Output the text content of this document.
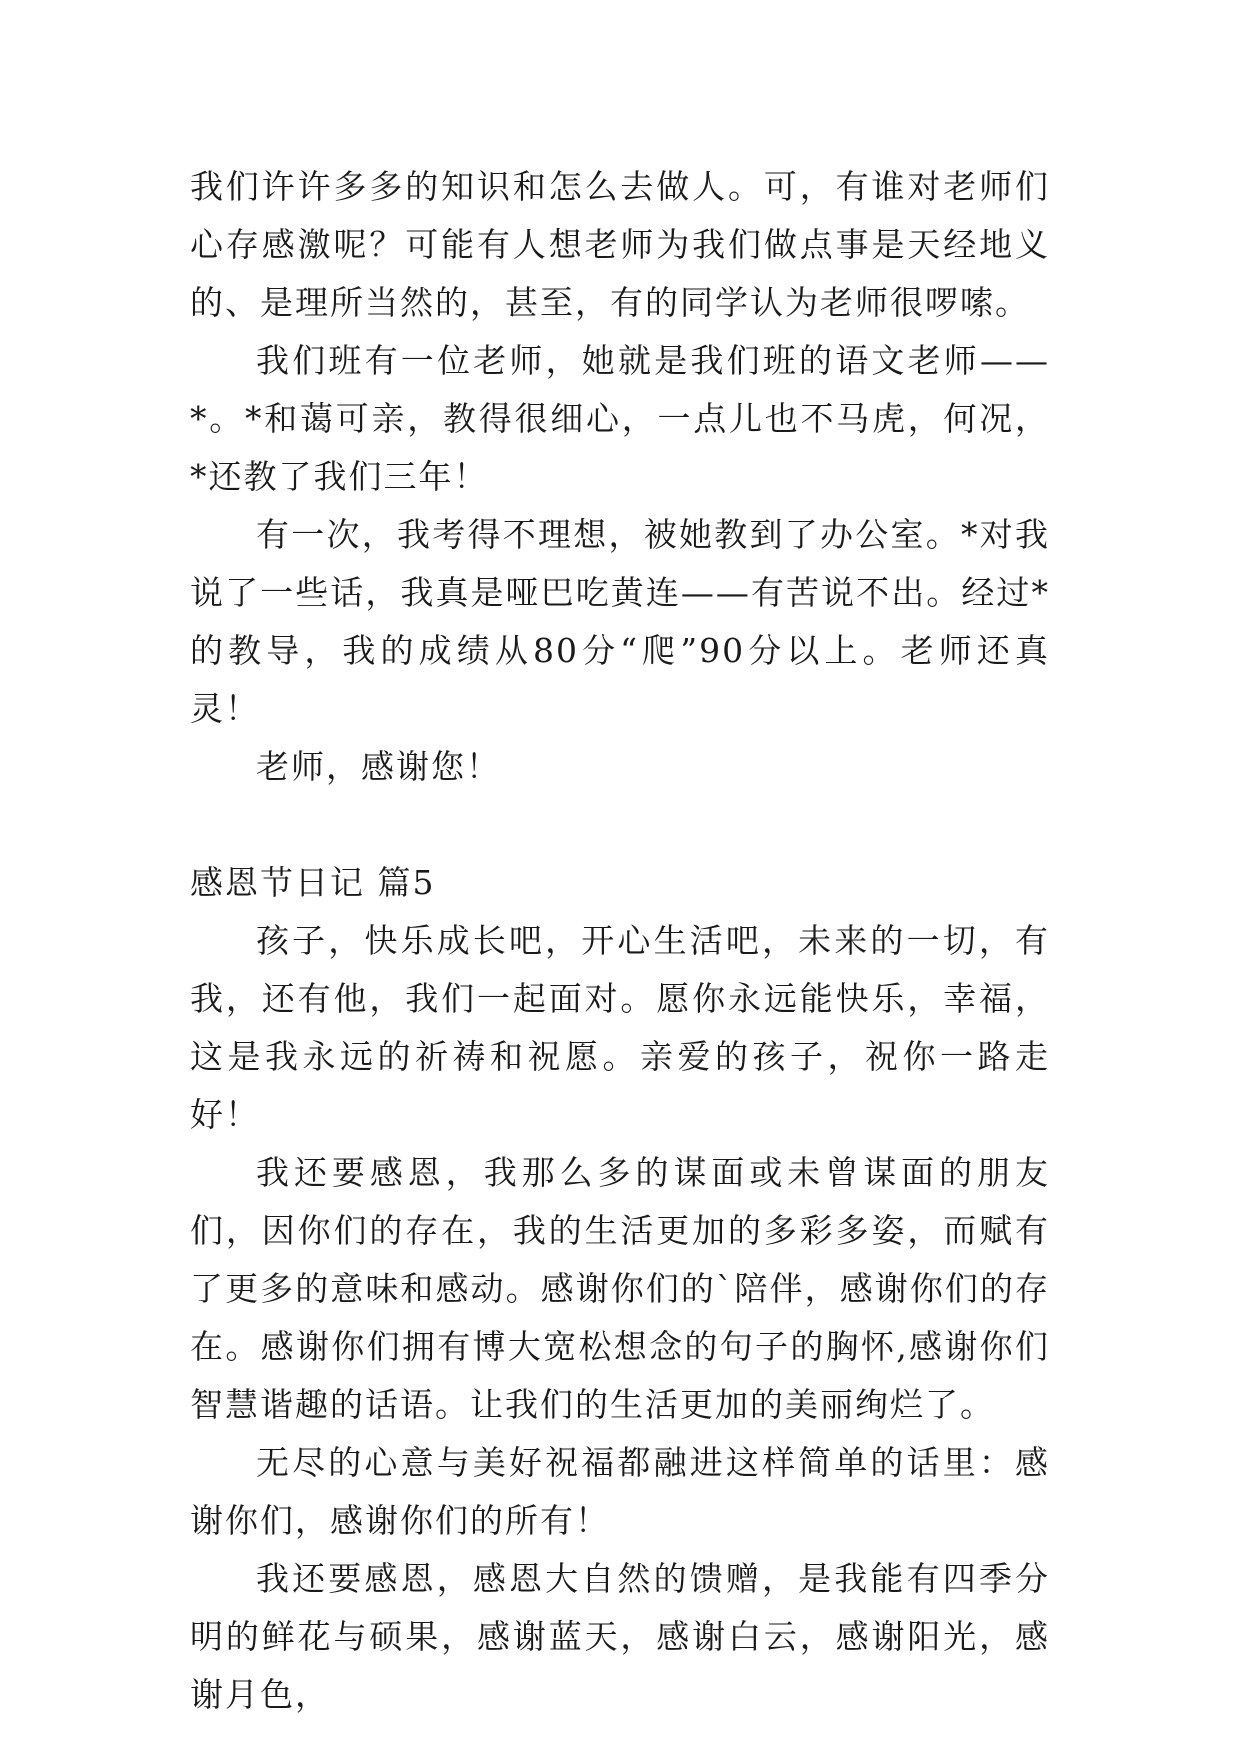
我们许许多多的知识和怎么去做人。可，有谁对老师们心存感激呢？可能有人想老师为我们做点事是天经地义的、是理所当然的，甚至，有的同学认为老师很啰嗦。

我们班有一位老师，她就是我们班的语文老师——*。*和蔼可亲，教得很细心，一点儿也不马虎，何况，*还教了我们三年！

有一次，我考得不理想，被她教到了办公室。*对我说了一些话，我真是哑巴吃黄连——有苦说不出。经过*的教导，我的成绩从80分“爬”90分以上。老师还真灵！

老师，感谢您！

感恩节日记 篇5

孩子，快乐成长吧，开心生活吧，未来的一切，有我，还有他，我们一起面对。愿你永远能快乐，幸福，这是我永远的祈祷和祝愿。亲爱的孩子，祝你一路走好！

我还要感恩，我那么多的谋面或未曾谋面的朋友们，因你们的存在，我的生活更加的多彩多姿，而赋有了更多的意味和感动。感谢你们的`陪伴，感谢你们的存在。感谢你们拥有博大宽松想念的句子的胸怀,感谢你们智慧谐趣的话语。让我们的生活更加的美丽绚烂了。

无尽的心意与美好祝福都融进这样简单的话里：感谢你们，感谢你们的所有！

我还要感恩，感恩大自然的馈赠，是我能有四季分明的鲜花与硕果，感谢蓝天，感谢白云，感谢阳光，感谢月色，
